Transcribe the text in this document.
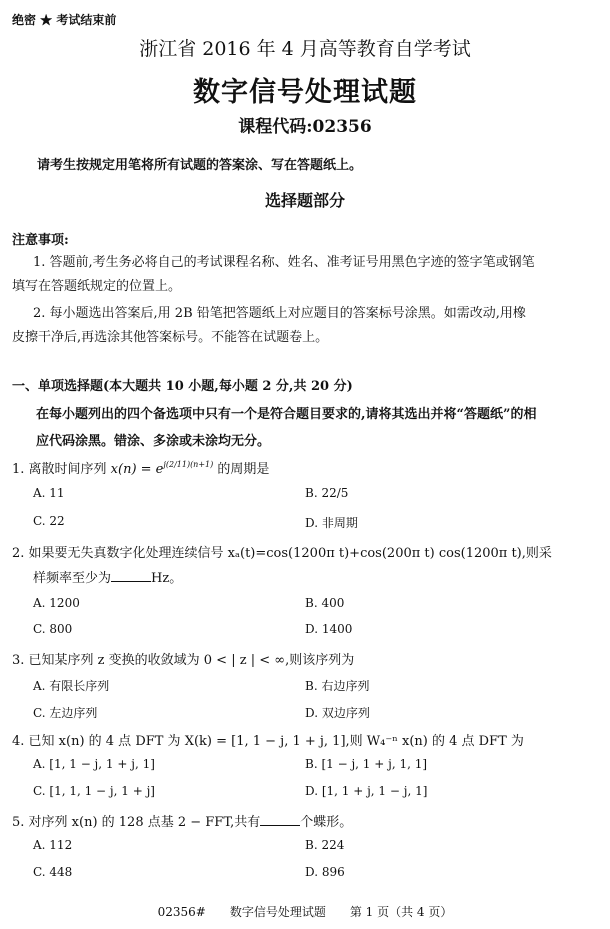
绝密 ★ 考试结束前
浙江省 2016 年 4 月高等教育自学考试
数字信号处理试题
课程代码:02356
请考生按规定用笔将所有试题的答案涂、写在答题纸上。
选择题部分
注意事项:
1. 答题前,考生务必将自己的考试课程名称、姓名、准考证号用黑色字迹的签字笔或钢笔
填写在答题纸规定的位置上。
2. 每小题选出答案后,用 2B 铅笔把答题纸上对应题目的答案标号涂黑。如需改动,用橡
皮擦干净后,再选涂其他答案标号。不能答在试题卷上。
一、单项选择题(本大题共 10 小题,每小题 2 分,共 20 分)
在每小题列出的四个备选项中只有一个是符合题目要求的,请将其选出并将“答题纸”的相
应代码涂黑。错涂、多涂或未涂均无分。
1. 离散时间序列 $x(n) = e^{j(2/11)(n+1)}$ 的周期是
A. 11	B. 22/5
C. 22	D. 非周期
2. 如果要无失真数字化处理连续信号 xₐ(t)=cos(1200π t)+cos(200π t) cos(1200π t),则采
样频率至少为	Hz。
A. 1200	B. 400
C. 800	D. 1400
3. 已知某序列 z 变换的收敛域为 0 < | z | < ∞,则该序列为
A. 有限长序列	B. 右边序列
C. 左边序列	D. 双边序列
4. 已知 x(n) 的 4 点 DFT 为 X(k) = [1, 1 − j, 1 + j, 1],则 W₄⁻ⁿ x(n) 的 4 点 DFT 为
A. [1, 1 − j, 1 + j, 1]	B. [1 − j, 1 + j, 1, 1]
C. [1, 1, 1 − j, 1 + j]	D. [1, 1 + j, 1 − j, 1]
5. 对序列 x(n) 的 128 点基 2 − FFT,共有	个蝶形。
A. 112	B. 224
C. 448	D. 896
02356#　　数字信号处理试题　　第 1 页（共 4 页）
